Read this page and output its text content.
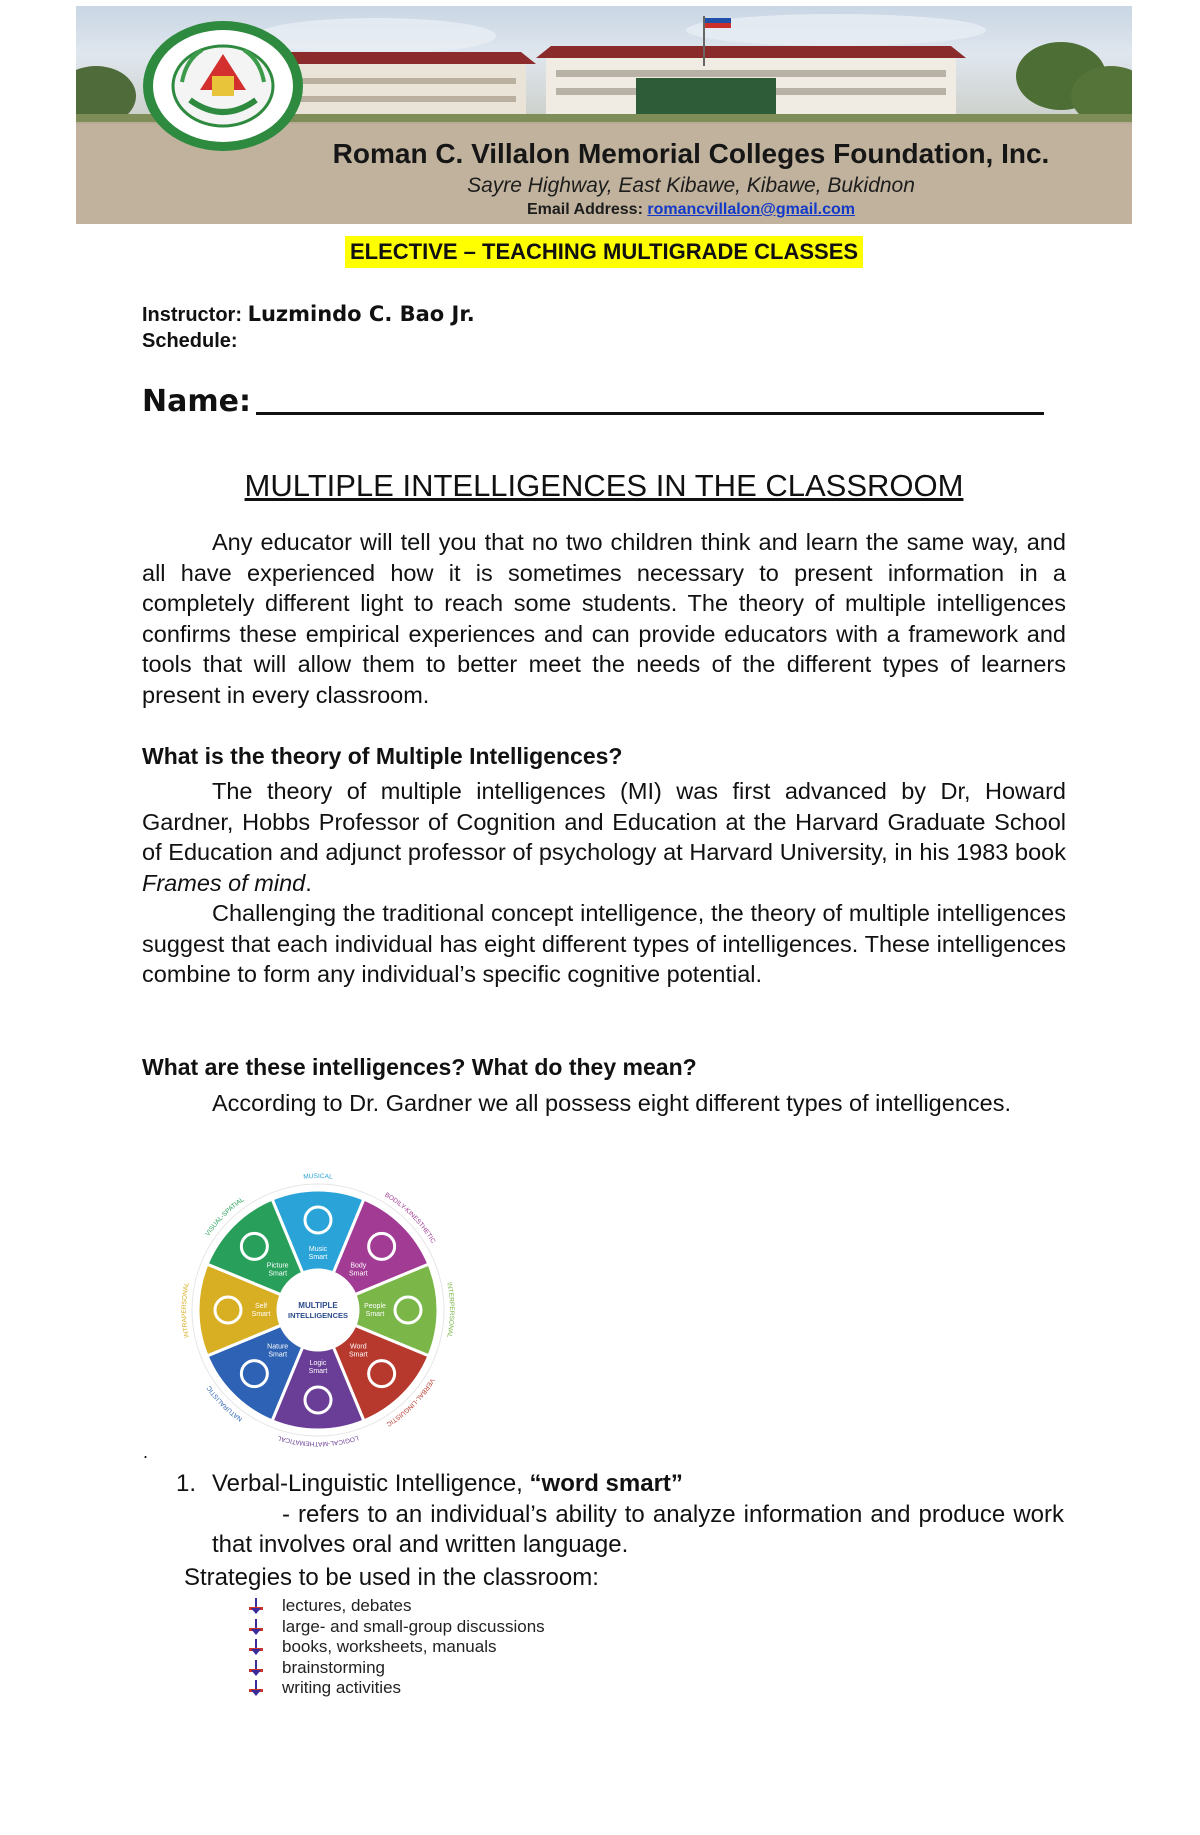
Roman C. Villalon Memorial Colleges Foundation, Inc.
Sayre Highway, East Kibawe, Kibawe, Bukidnon
Email Address: romancvillalon@gmail.com
ELECTIVE – TEACHING MULTIGRADE CLASSES
Instructor: Luzmindo C. Bao Jr.
Schedule:
Name:
MULTIPLE INTELLIGENCES IN THE CLASSROOM

Any educator will tell you that no two children think and learn the same way, and all have experienced how it is sometimes necessary to present information in a completely different light to reach some students. The theory of multiple intelligences confirms these empirical experiences and can provide educators with a framework and tools that will allow them to better meet the needs of the different types of learners present in every classroom.

What is the theory of Multiple Intelligences?

The theory of multiple intelligences (MI) was first advanced by Dr, Howard Gardner, Hobbs Professor of Cognition and Education at the Harvard Graduate School of Education and adjunct professor of psychology at Harvard University, in his 1983 book Frames of mind.

Challenging the traditional concept intelligence, the theory of multiple intelligences suggest that each individual has eight different types of intelligences. These intelligences combine to form any individual’s specific cognitive potential.

What are these intelligences? What do they mean?

According to Dr. Gardner we all possess eight different types of intelligences.

Music
Smart
MUSICAL
Body
Smart
BODILY-KINESTHETIC
People
Smart
INTERPERSONAL
Word
Smart
VERBAL-LINGUISTIC
Logic
Smart
LOGICAL-MATHEMATICAL
Nature
Smart
NATURALISTIC
Self
Smart
INTRAPERSONAL
Picture
Smart
VISUAL-SPATIAL
MULTIPLE
INTELLIGENCES
.
1. Verbal-Linguistic Intelligence, “word smart”
- refers to an individual’s ability to analyze information and produce work that involves oral and written language.
Strategies to be used in the classroom:
lectures, debates
large- and small-group discussions
books, worksheets, manuals
brainstorming
writing activities
